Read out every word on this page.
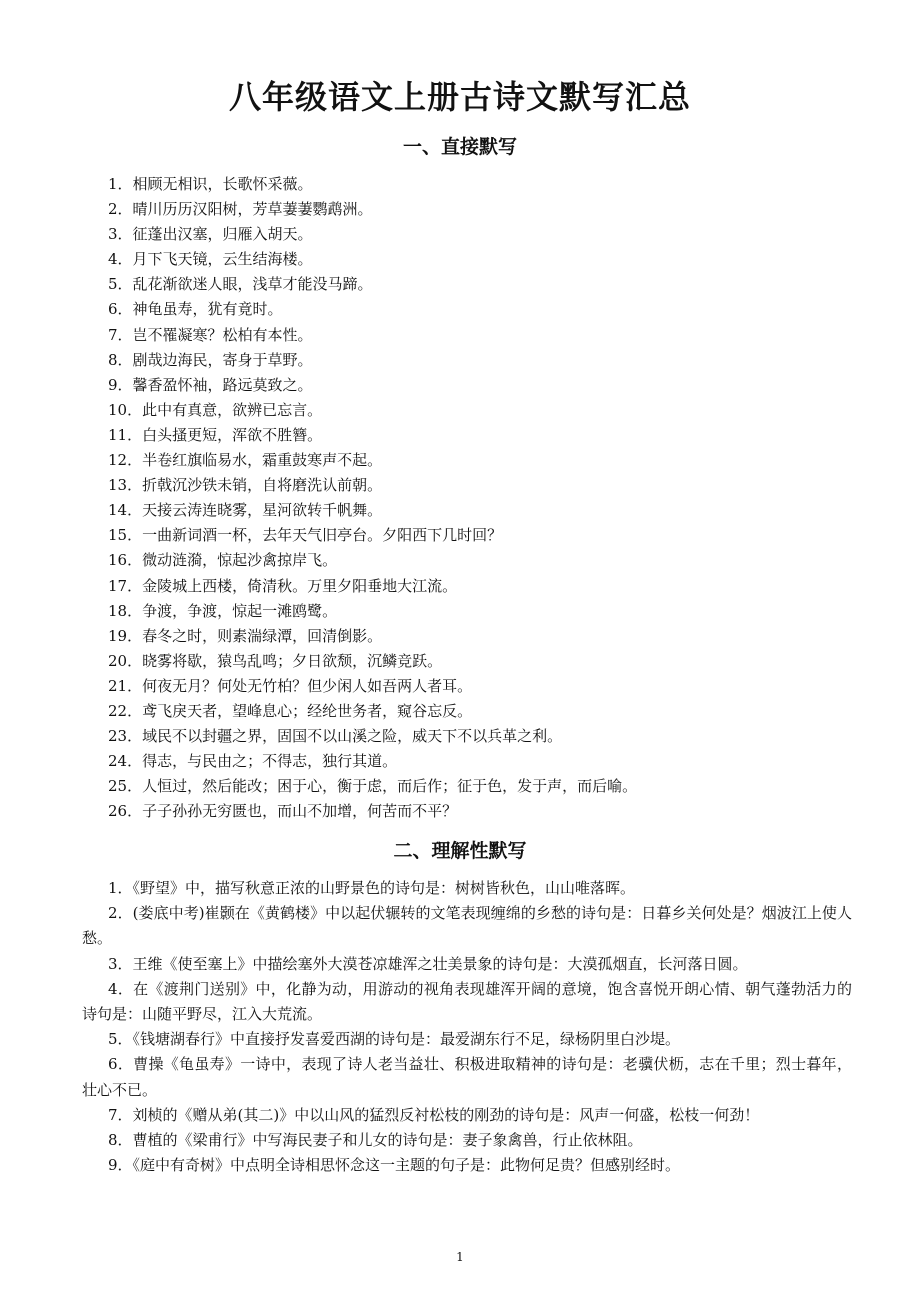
八年级语文上册古诗文默写汇总
一、直接默写
1．相顾无相识，长歌怀采薇。
2．晴川历历汉阳树，芳草萋萋鹦鹉洲。
3．征蓬出汉塞，归雁入胡天。
4．月下飞天镜，云生结海楼。
5．乱花渐欲迷人眼，浅草才能没马蹄。
6．神龟虽寿，犹有竟时。
7．岂不罹凝寒？松柏有本性。
8．剧哉边海民，寄身于草野。
9．馨香盈怀袖，路远莫致之。
10．此中有真意，欲辨已忘言。
11．白头搔更短，浑欲不胜簪。
12．半卷红旗临易水，霜重鼓寒声不起。
13．折戟沉沙铁未销，自将磨洗认前朝。
14．天接云涛连晓雾，星河欲转千帆舞。
15．一曲新词酒一杯，去年天气旧亭台。夕阳西下几时回？
16．微动涟漪，惊起沙禽掠岸飞。
17．金陵城上西楼，倚清秋。万里夕阳垂地大江流。
18．争渡，争渡，惊起一滩鸥鹭。
19．春冬之时，则素湍绿潭，回清倒影。
20．晓雾将歇，猿鸟乱鸣；夕日欲颓，沉鳞竞跃。
21．何夜无月？何处无竹柏？但少闲人如吾两人者耳。
22．鸢飞戾天者，望峰息心；经纶世务者，窥谷忘反。
23．域民不以封疆之界，固国不以山溪之险，威天下不以兵革之利。
24．得志，与民由之；不得志，独行其道。
25．人恒过，然后能改；困于心，衡于虑，而后作；征于色，发于声，而后喻。
26．子子孙孙无穷匮也，而山不加增，何苦而不平？
二、理解性默写
1．《野望》中，描写秋意正浓的山野景色的诗句是：树树皆秋色，山山唯落晖。
2．(娄底中考)崔颢在《黄鹤楼》中以起伏辗转的文笔表现缠绵的乡愁的诗句是：日暮乡关何处是？烟波江上使人愁。
3．王维《使至塞上》中描绘塞外大漠苍凉雄浑之壮美景象的诗句是：大漠孤烟直，长河落日圆。
4．在《渡荆门送别》中，化静为动，用游动的视角表现雄浑开阔的意境，饱含喜悦开朗心情、朝气蓬勃活力的诗句是：山随平野尽，江入大荒流。
5．《钱塘湖春行》中直接抒发喜爱西湖的诗句是：最爱湖东行不足，绿杨阴里白沙堤。
6．曹操《龟虽寿》一诗中，表现了诗人老当益壮、积极进取精神的诗句是：老骥伏枥，志在千里；烈士暮年，壮心不已。
7．刘桢的《赠从弟(其二)》中以山风的猛烈反衬松枝的刚劲的诗句是：风声一何盛，松枝一何劲！
8．曹植的《梁甫行》中写海民妻子和儿女的诗句是：妻子象禽兽，行止依林阻。
9．《庭中有奇树》中点明全诗相思怀念这一主题的句子是：此物何足贵？但感别经时。
1
